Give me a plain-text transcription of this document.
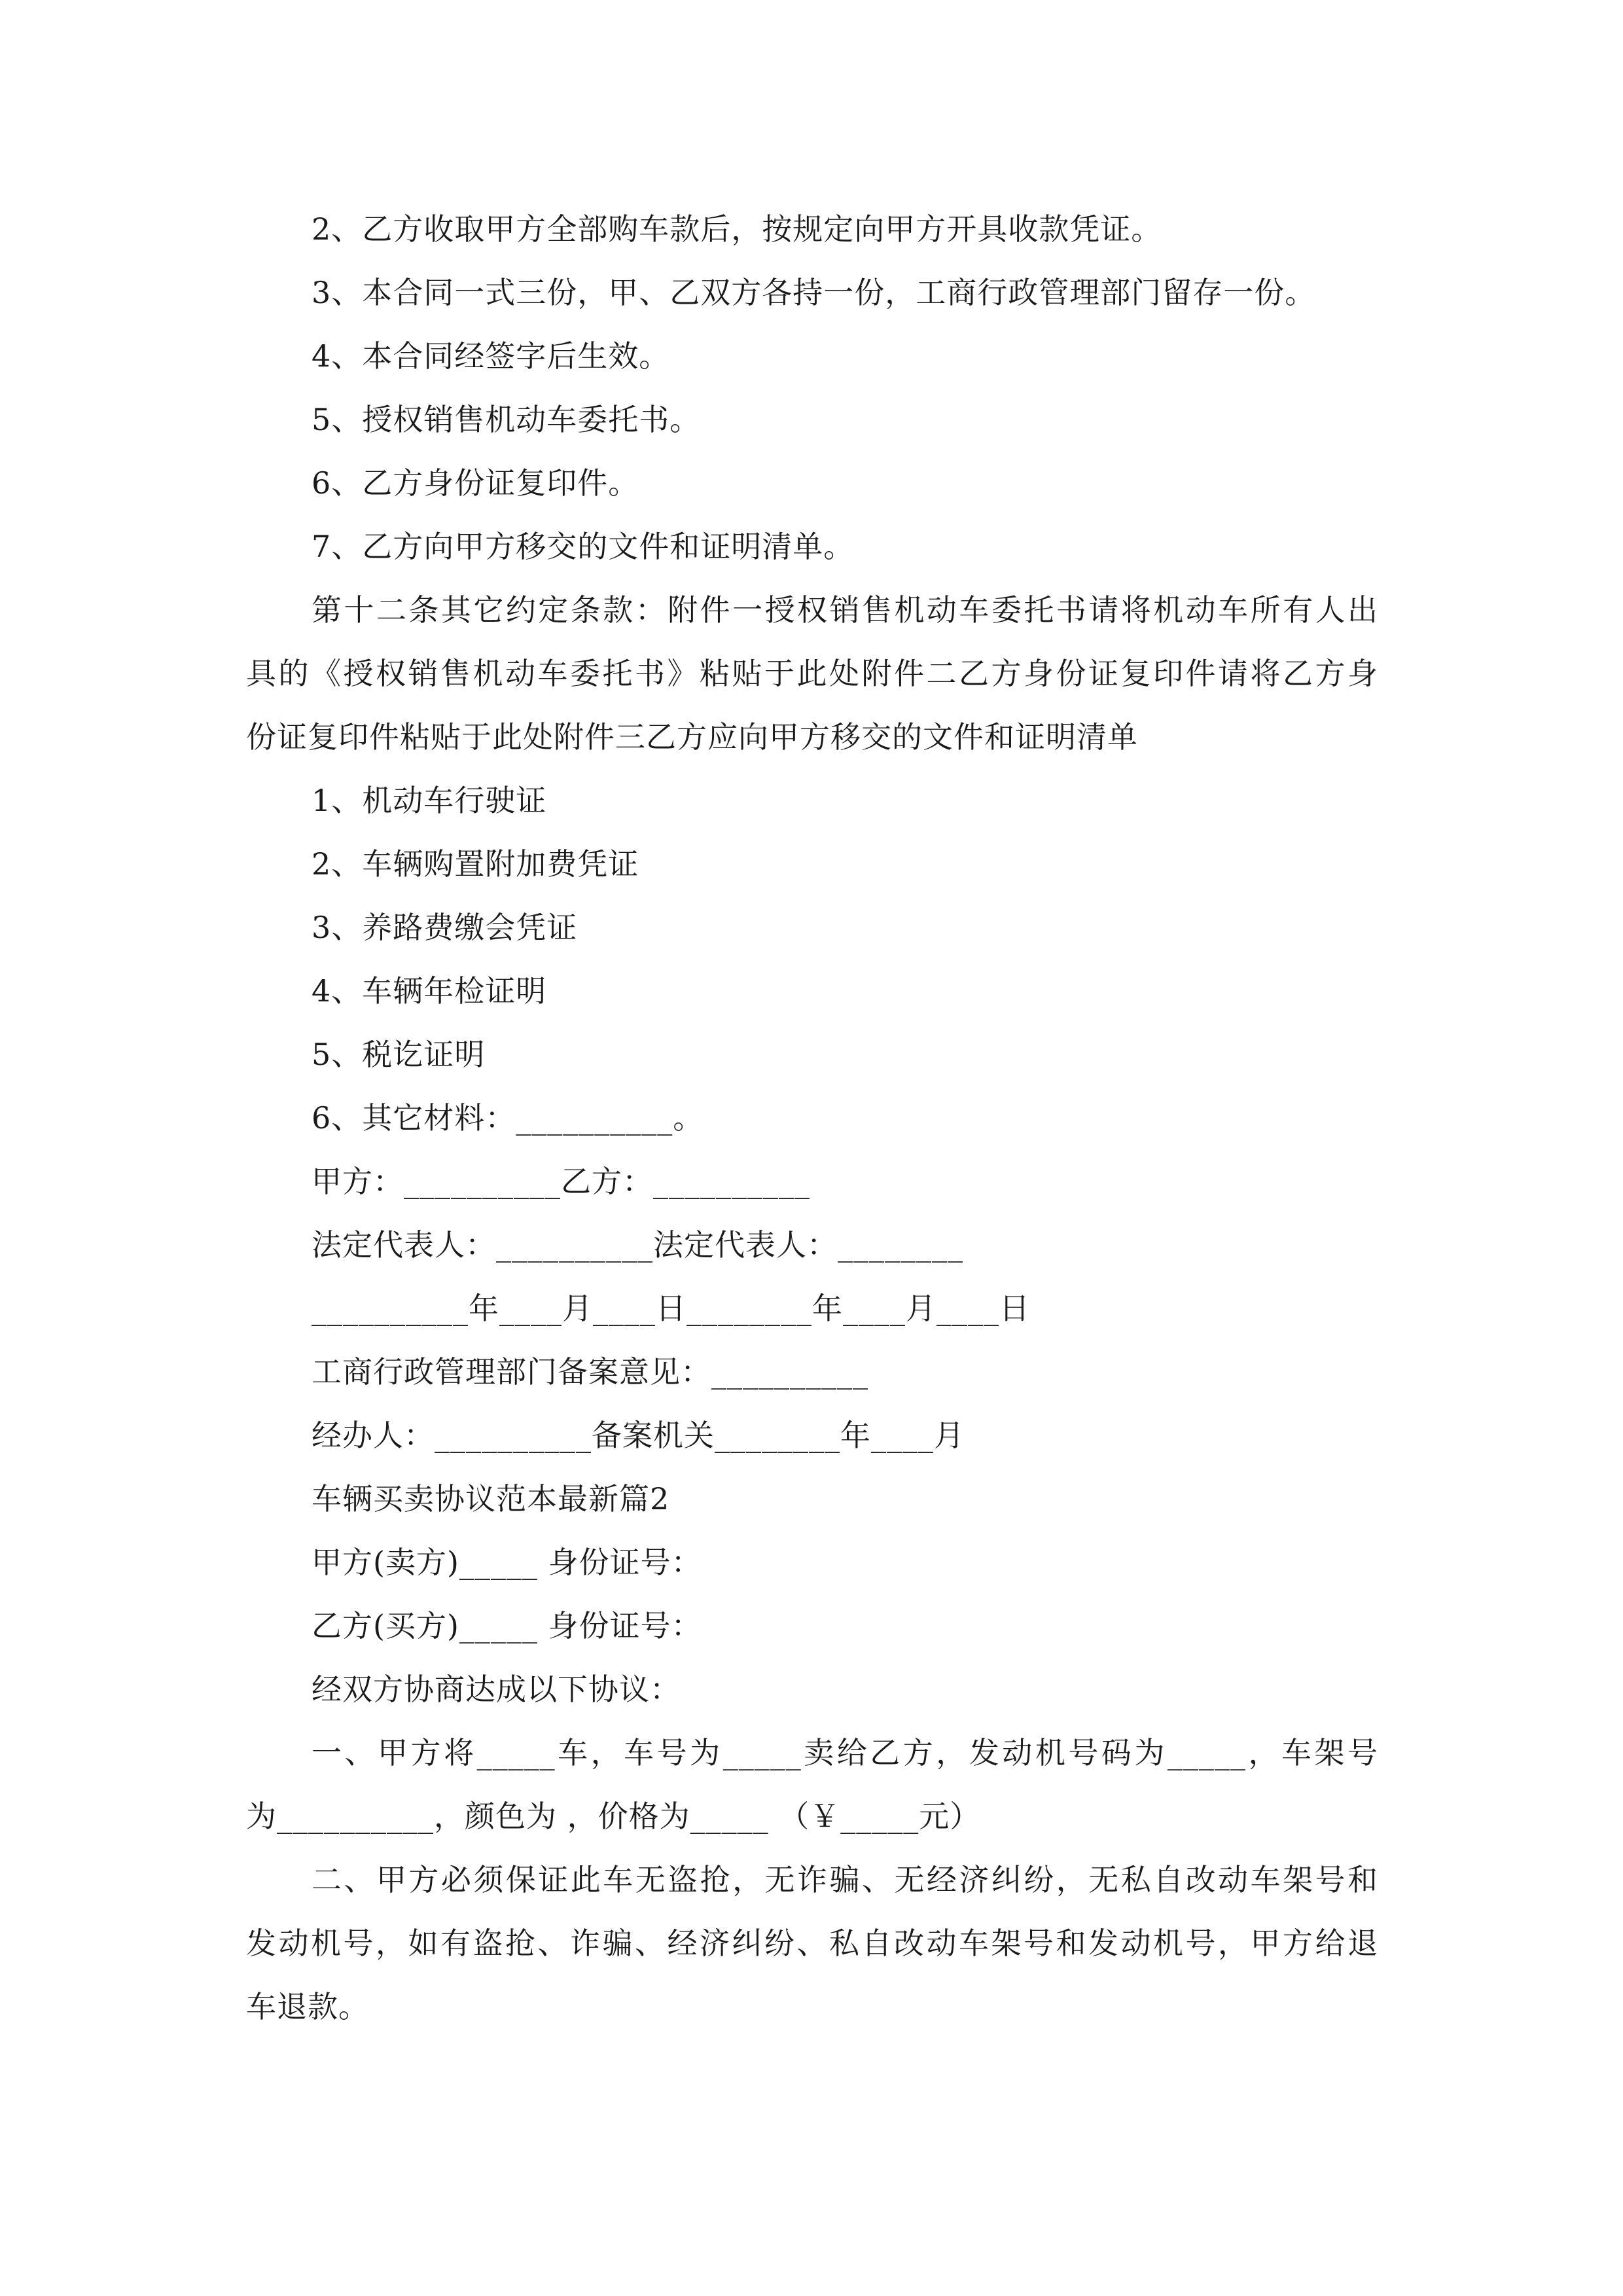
2、乙方收取甲方全部购车款后，按规定向甲方开具收款凭证。
3、本合同一式三份，甲、乙双方各持一份，工商行政管理部门留存一份。
4、本合同经签字后生效。
5、授权销售机动车委托书。
6、乙方身份证复印件。
7、乙方向甲方移交的文件和证明清单。
第十二条其它约定条款：附件一授权销售机动车委托书请将机动车所有人出
具的《授权销售机动车委托书》粘贴于此处附件二乙方身份证复印件请将乙方身
份证复印件粘贴于此处附件三乙方应向甲方移交的文件和证明清单
1、机动车行驶证
2、车辆购置附加费凭证
3、养路费缴会凭证
4、车辆年检证明
5、税讫证明
6、其它材料：__________。
甲方：__________乙方：__________
法定代表人：__________法定代表人：________
__________年____月____日________年____月____日
工商行政管理部门备案意见：__________
经办人：__________备案机关________年____月
车辆买卖协议范本最新篇2
甲方(卖方)_____ 身份证号：
乙方(买方)_____ 身份证号：
经双方协商达成以下协议：
一、甲方将_____车，车号为_____卖给乙方，发动机号码为_____，车架号
为__________，颜色为 ，价格为_____ （￥_____元）
二、甲方必须保证此车无盗抢，无诈骗、无经济纠纷，无私自改动车架号和
发动机号，如有盗抢、诈骗、经济纠纷、私自改动车架号和发动机号，甲方给退
车退款。
